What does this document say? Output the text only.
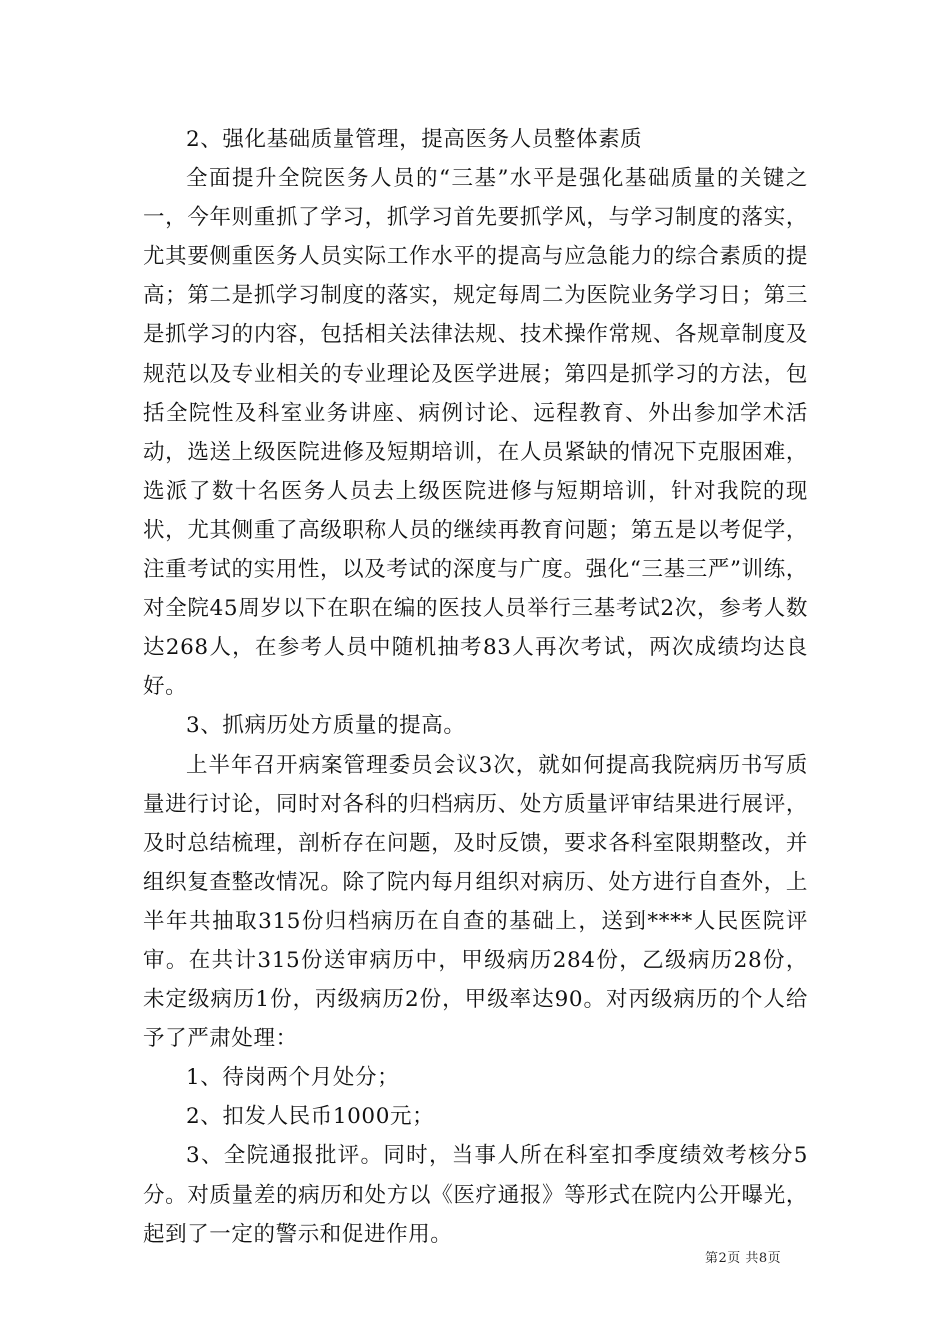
2、强化基础质量管理，提高医务人员整体素质

全面提升全院医务人员的“三基”水平是强化基础质量的关键之一，今年则重抓了学习，抓学习首先要抓学风，与学习制度的落实，尤其要侧重医务人员实际工作水平的提高与应急能力的综合素质的提高；第二是抓学习制度的落实，规定每周二为医院业务学习日；第三是抓学习的内容，包括相关法律法规、技术操作常规、各规章制度及规范以及专业相关的专业理论及医学进展；第四是抓学习的方法，包括全院性及科室业务讲座、病例讨论、远程教育、外出参加学术活动，选送上级医院进修及短期培训，在人员紧缺的情况下克服困难，选派了数十名医务人员去上级医院进修与短期培训，针对我院的现状，尤其侧重了高级职称人员的继续再教育问题；第五是以考促学，注重考试的实用性，以及考试的深度与广度。强化“三基三严”训练，对全院45周岁以下在职在编的医技人员举行三基考试2次，参考人数达268人，在参考人员中随机抽考83人再次考试，两次成绩均达良好。

3、抓病历处方质量的提高。

上半年召开病案管理委员会议3次，就如何提高我院病历书写质量进行讨论，同时对各科的归档病历、处方质量评审结果进行展评，及时总结梳理，剖析存在问题，及时反馈，要求各科室限期整改，并组织复查整改情况。除了院内每月组织对病历、处方进行自查外，上半年共抽取315份归档病历在自查的基础上，送到****人民医院评审。在共计315份送审病历中，甲级病历284份，乙级病历28份，未定级病历1份，丙级病历2份，甲级率达90。对丙级病历的个人给予了严肃处理：

1、待岗两个月处分；

2、扣发人民币1000元；

3、全院通报批评。同时，当事人所在科室扣季度绩效考核分5分。对质量差的病历和处方以《医疗通报》等形式在院内公开曝光，起到了一定的警示和促进作用。

第2页 共8页
